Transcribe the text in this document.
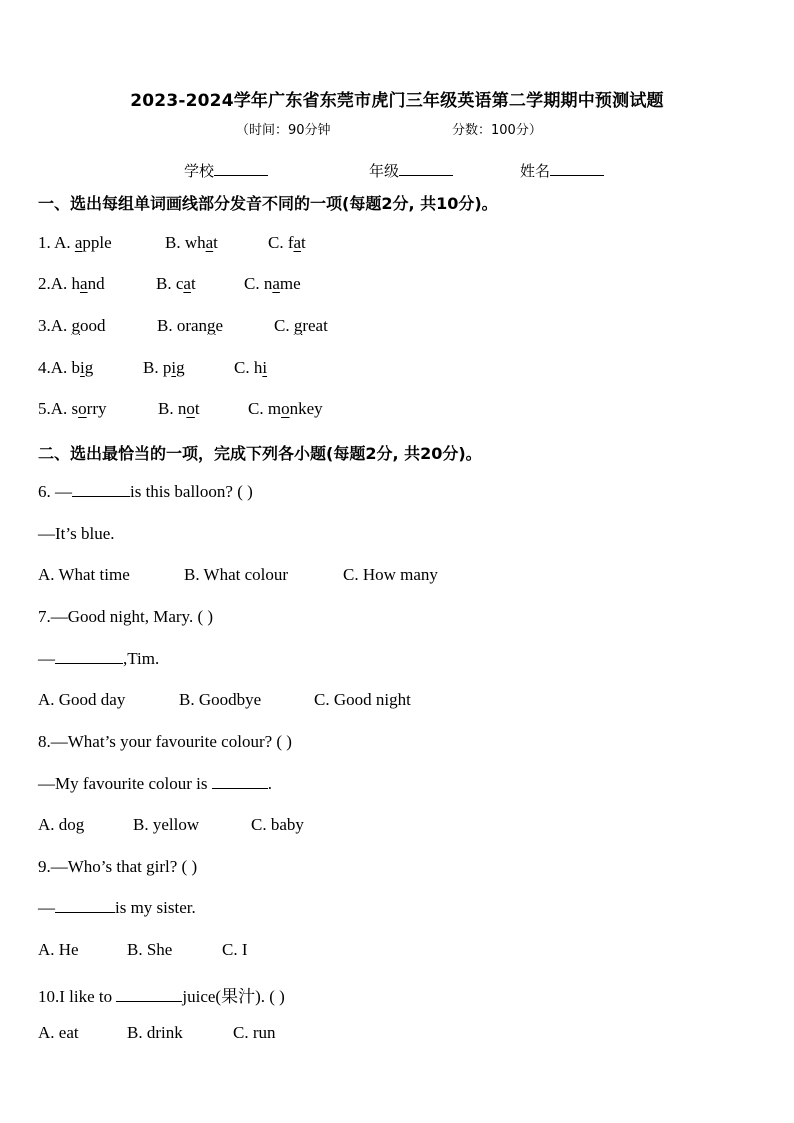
2023-2024学年广东省东莞市虎门三年级英语第二学期期中预测试题
（时间：90分钟	分数：100分）
学校	年级	姓名
一、选出每组单词画线部分发音不同的一项(每题2分, 共10分)。
1. A. apple	B. what	C. fat
2.A. hand	B. cat	C. name
3.A. good	B. orange	C. great
4.A. big	B. pig	C. hi
5.A. sorry	B. not	C. monkey
二、选出最恰当的一项，完成下列各小题(每题2分, 共20分)。
6. —	is this balloon? ( )
—It’s blue.
A. What time	B. What colour	C. How many
7.—Good night, Mary. ( )
—	,Tim.
A. Good day	B. Goodbye	C. Good night
8.—What’s your favourite colour? ( )
—My favourite colour is	.
A. dog	B. yellow	C. baby
9.—Who’s that girl? ( )
—	is my sister.
A. He	B. She	C. I
10.I like to	juice(果汁). ( )
A. eat	B. drink	C. run
